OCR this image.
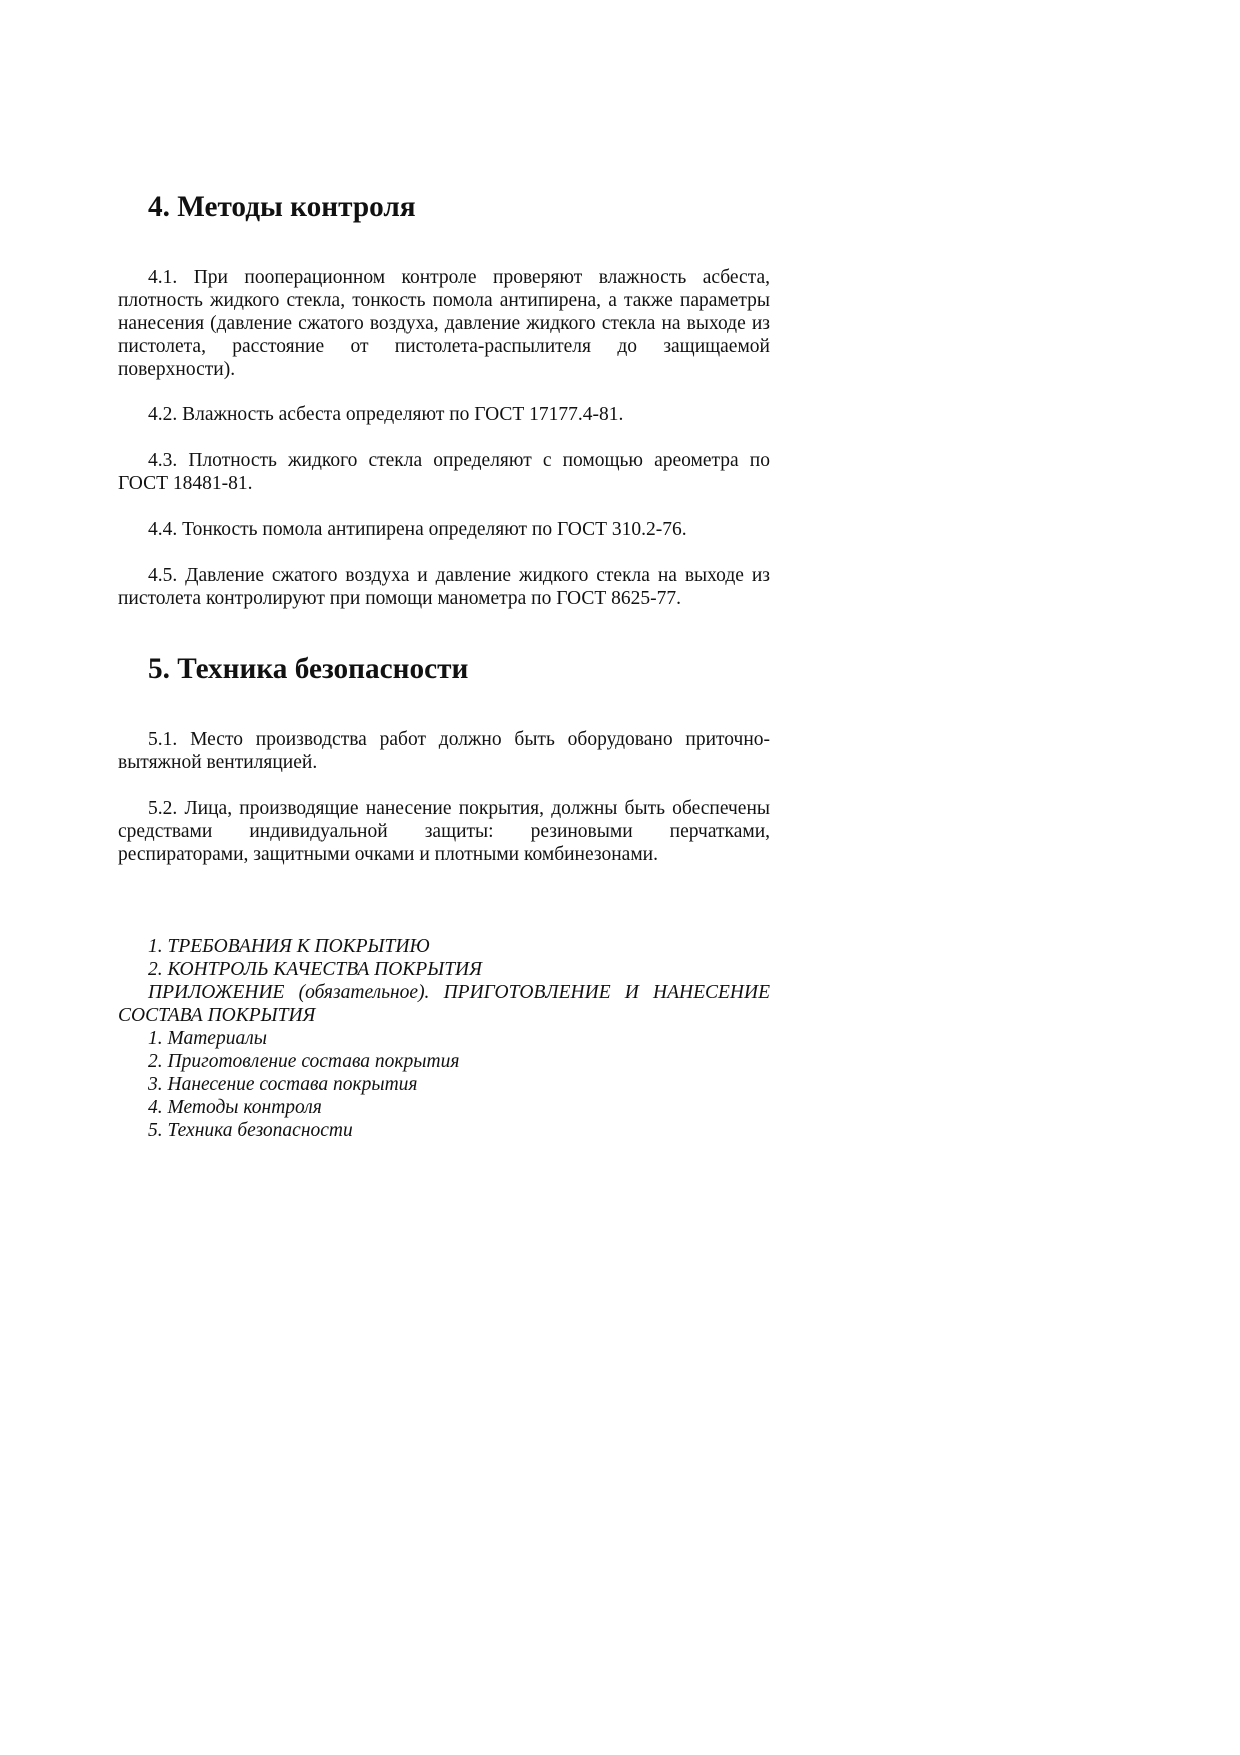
4. Методы контроля

4.1. При пооперационном контроле проверяют влажность асбеста, плотность жидкого стекла, тонкость помола антипирена, а также параметры нанесения (давление сжатого воздуха, давление жидкого стекла на выходе из пистолета, расстояние от пистолета-распылителя до защищаемой поверхности).

4.2. Влажность асбеста определяют по ГОСТ 17177.4-81.

4.3. Плотность жидкого стекла определяют с помощью ареометра по ГОСТ 18481-81.

4.4. Тонкость помола антипирена определяют по ГОСТ 310.2-76.

4.5. Давление сжатого воздуха и давление жидкого стекла на выходе из пистолета контролируют при помощи манометра по ГОСТ 8625-77.

5. Техника безопасности

5.1. Место производства работ должно быть оборудовано приточно-вытяжной вентиляцией.

5.2. Лица, производящие нанесение покрытия, должны быть обеспечены средствами индивидуальной защиты: резиновыми перчатками, респираторами, защитными очками и плотными комбинезонами.

1. ТРЕБОВАНИЯ К ПОКРЫТИЮ
2. КОНТРОЛЬ КАЧЕСТВА ПОКРЫТИЯ
ПРИЛОЖЕНИЕ (обязательное). ПРИГОТОВЛЕНИЕ И НАНЕСЕНИЕ СОСТАВА ПОКРЫТИЯ
1. Материалы
2. Приготовление состава покрытия
3. Нанесение состава покрытия
4. Методы контроля
5. Техника безопасности
